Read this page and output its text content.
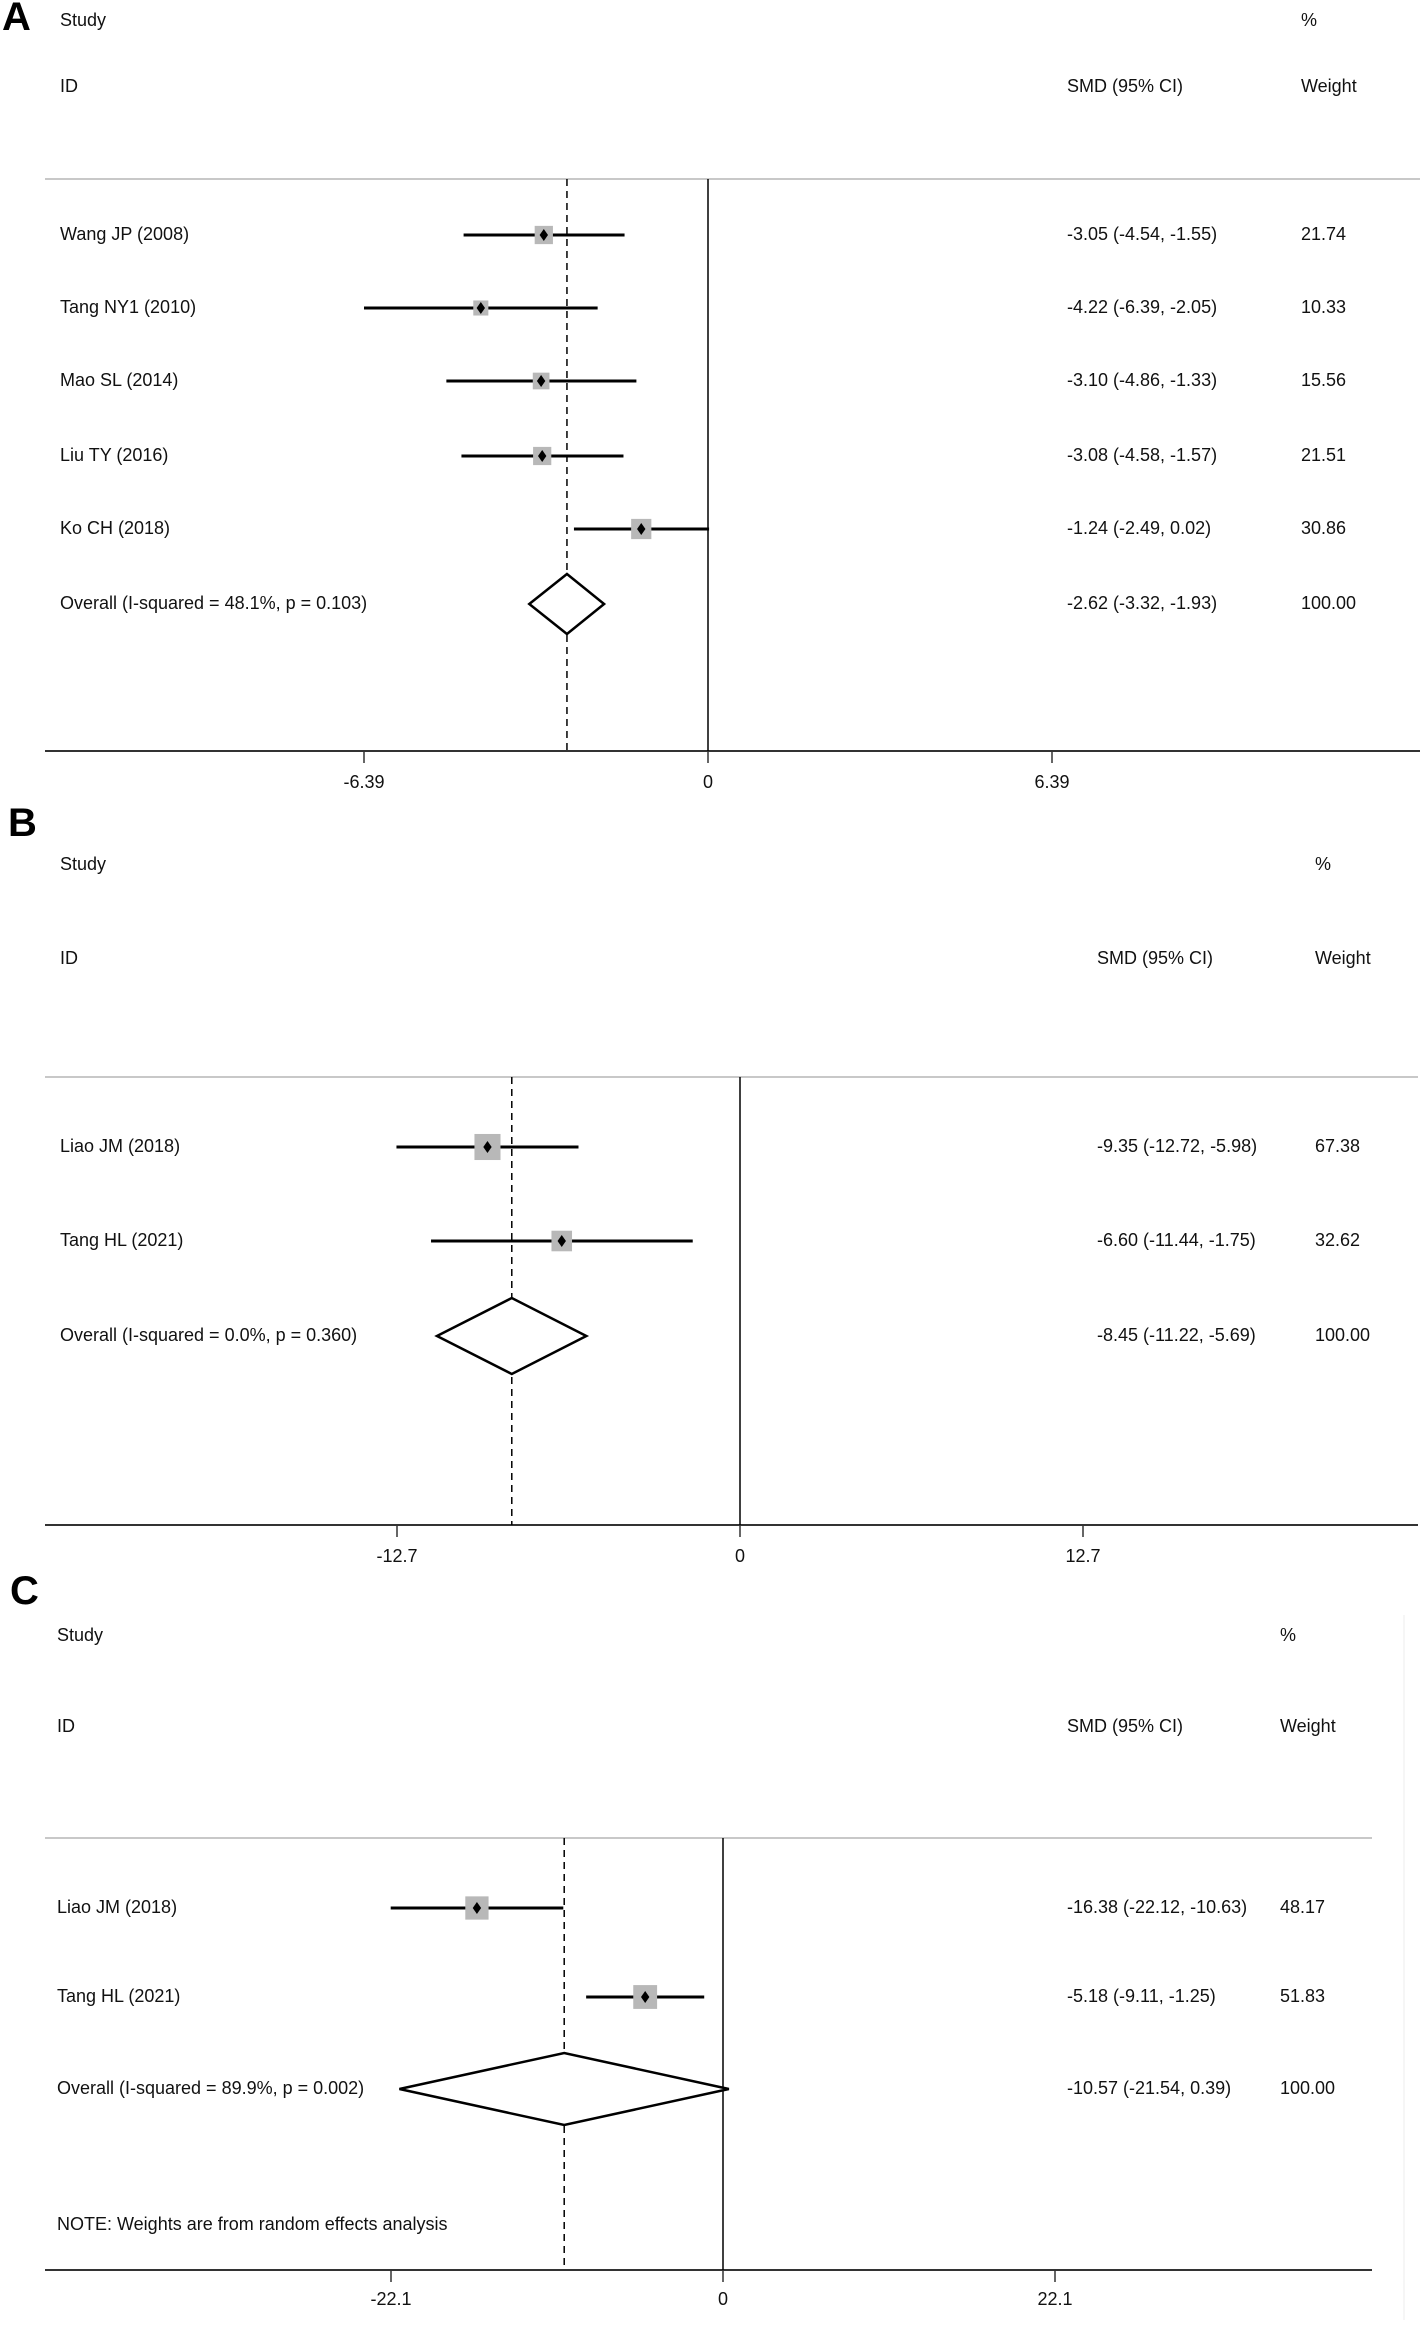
A Study
ID	SMD (95% CI)
%
Weight
-6.39	0	6.39
Wang JP (2008)	-3.05 (-4.54, -1.55)	21.74
Tang NY1 (2010)	-4.22 (-6.39, -2.05)	10.33
Mao SL (2014)	-3.10 (-4.86, -1.33)	15.56
Liu TY (2016)	-3.08 (-4.58, -1.57)	21.51
Ko CH (2018)	-1.24 (-2.49, 0.02)	30.86
Overall (I-squared = 48.1%, p = 0.103)	-2.62 (-3.32, -1.93)	100.00
B
Study
ID	SMD (95% CI)
%
Weight
-12.7	0	12.7
Liao JM (2018)	-9.35 (-12.72, -5.98)	67.38
Tang HL (2021)	-6.60 (-11.44, -1.75)	32.62
Overall (I-squared = 0.0%, p = 0.360)	-8.45 (-11.22, -5.69)	100.00
C
Study
ID	SMD (95% CI)
%
Weight
-22.1	0	22.1
Liao JM (2018)	-16.38 (-22.12, -10.63) 48.17
Tang HL (2021)	-5.18 (-9.11, -1.25)	51.83
Overall (I-squared = 89.9%, p = 0.002)	-10.57 (-21.54, 0.39)	100.00
NOTE: Weights are from random effects analysis
